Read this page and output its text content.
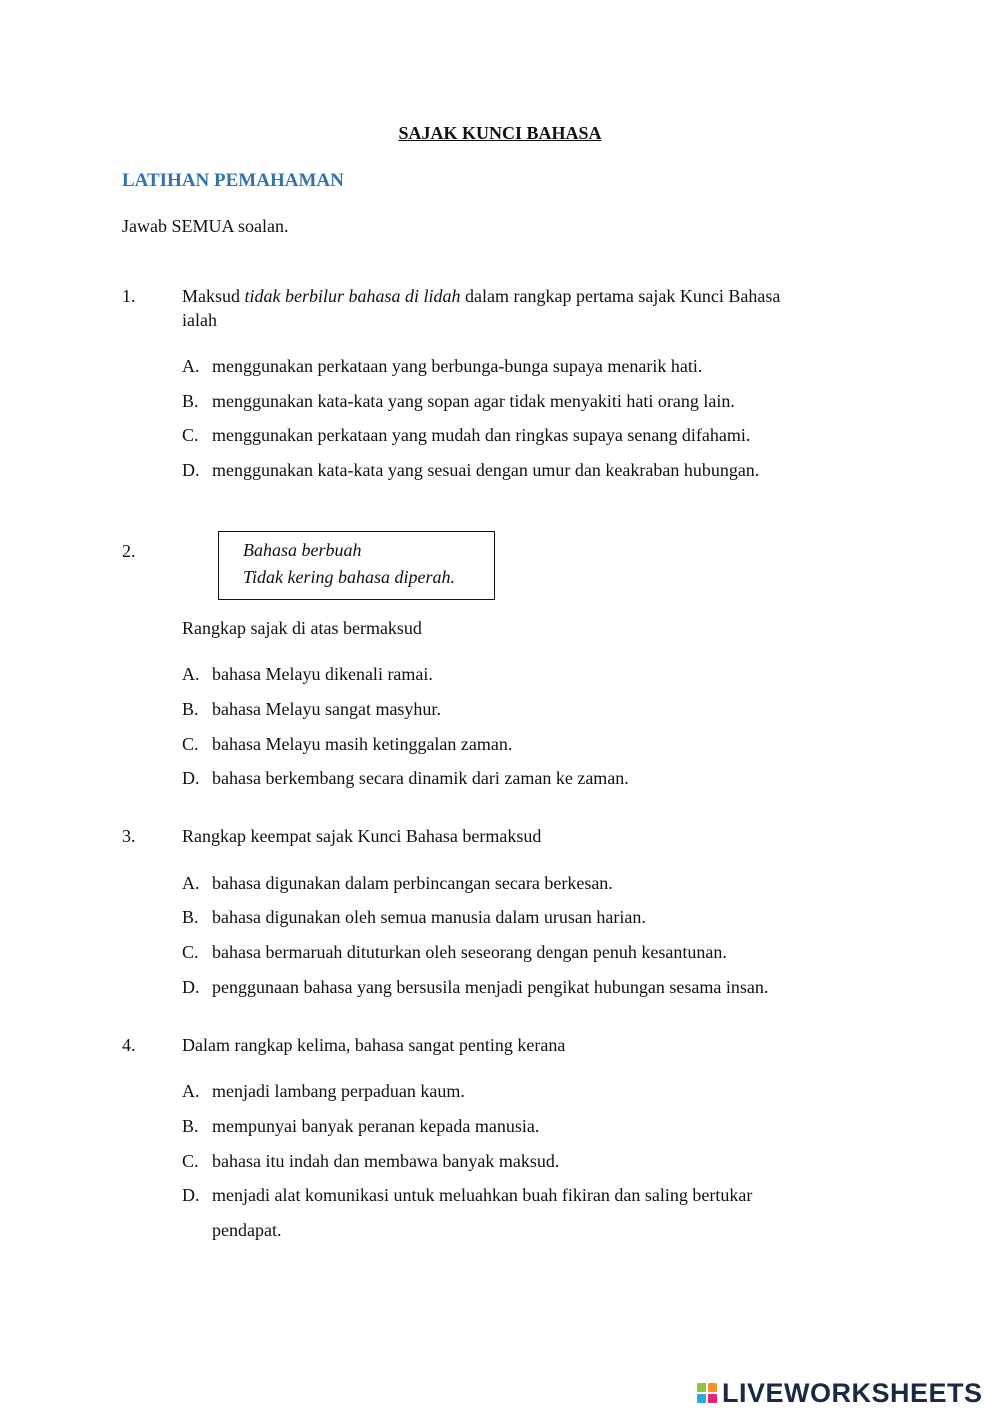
SAJAK KUNCI BAHASA
LATIHAN PEMAHAMAN
Jawab SEMUA soalan.
1.	Maksud tidak berbilur bahasa di lidah dalam rangkap pertama sajak Kunci Bahasa
ialah
A. menggunakan perkataan yang berbunga-bunga supaya menarik hati.
B. menggunakan kata-kata yang sopan agar tidak menyakiti hati orang lain.
C. menggunakan perkataan yang mudah dan ringkas supaya senang difahami.
D. menggunakan kata-kata yang sesuai dengan umur dan keakraban hubungan.
2.	Bahasa berbuah
Tidak kering bahasa diperah.
Rangkap sajak di atas bermaksud
A. bahasa Melayu dikenali ramai.
B. bahasa Melayu sangat masyhur.
C. bahasa Melayu masih ketinggalan zaman.
D. bahasa berkembang secara dinamik dari zaman ke zaman.
3.	Rangkap keempat sajak Kunci Bahasa bermaksud
A. bahasa digunakan dalam perbincangan secara berkesan.
B. bahasa digunakan oleh semua manusia dalam urusan harian.
C. bahasa bermaruah dituturkan oleh seseorang dengan penuh kesantunan.
D. penggunaan bahasa yang bersusila menjadi pengikat hubungan sesama insan.
4.	Dalam rangkap kelima, bahasa sangat penting kerana
A. menjadi lambang perpaduan kaum.
B. mempunyai banyak peranan kepada manusia.
C. bahasa itu indah dan membawa banyak maksud.
D. menjadi alat komunikasi untuk meluahkan buah fikiran dan saling bertukar
pendapat.
LIVEWORKSHEETS
